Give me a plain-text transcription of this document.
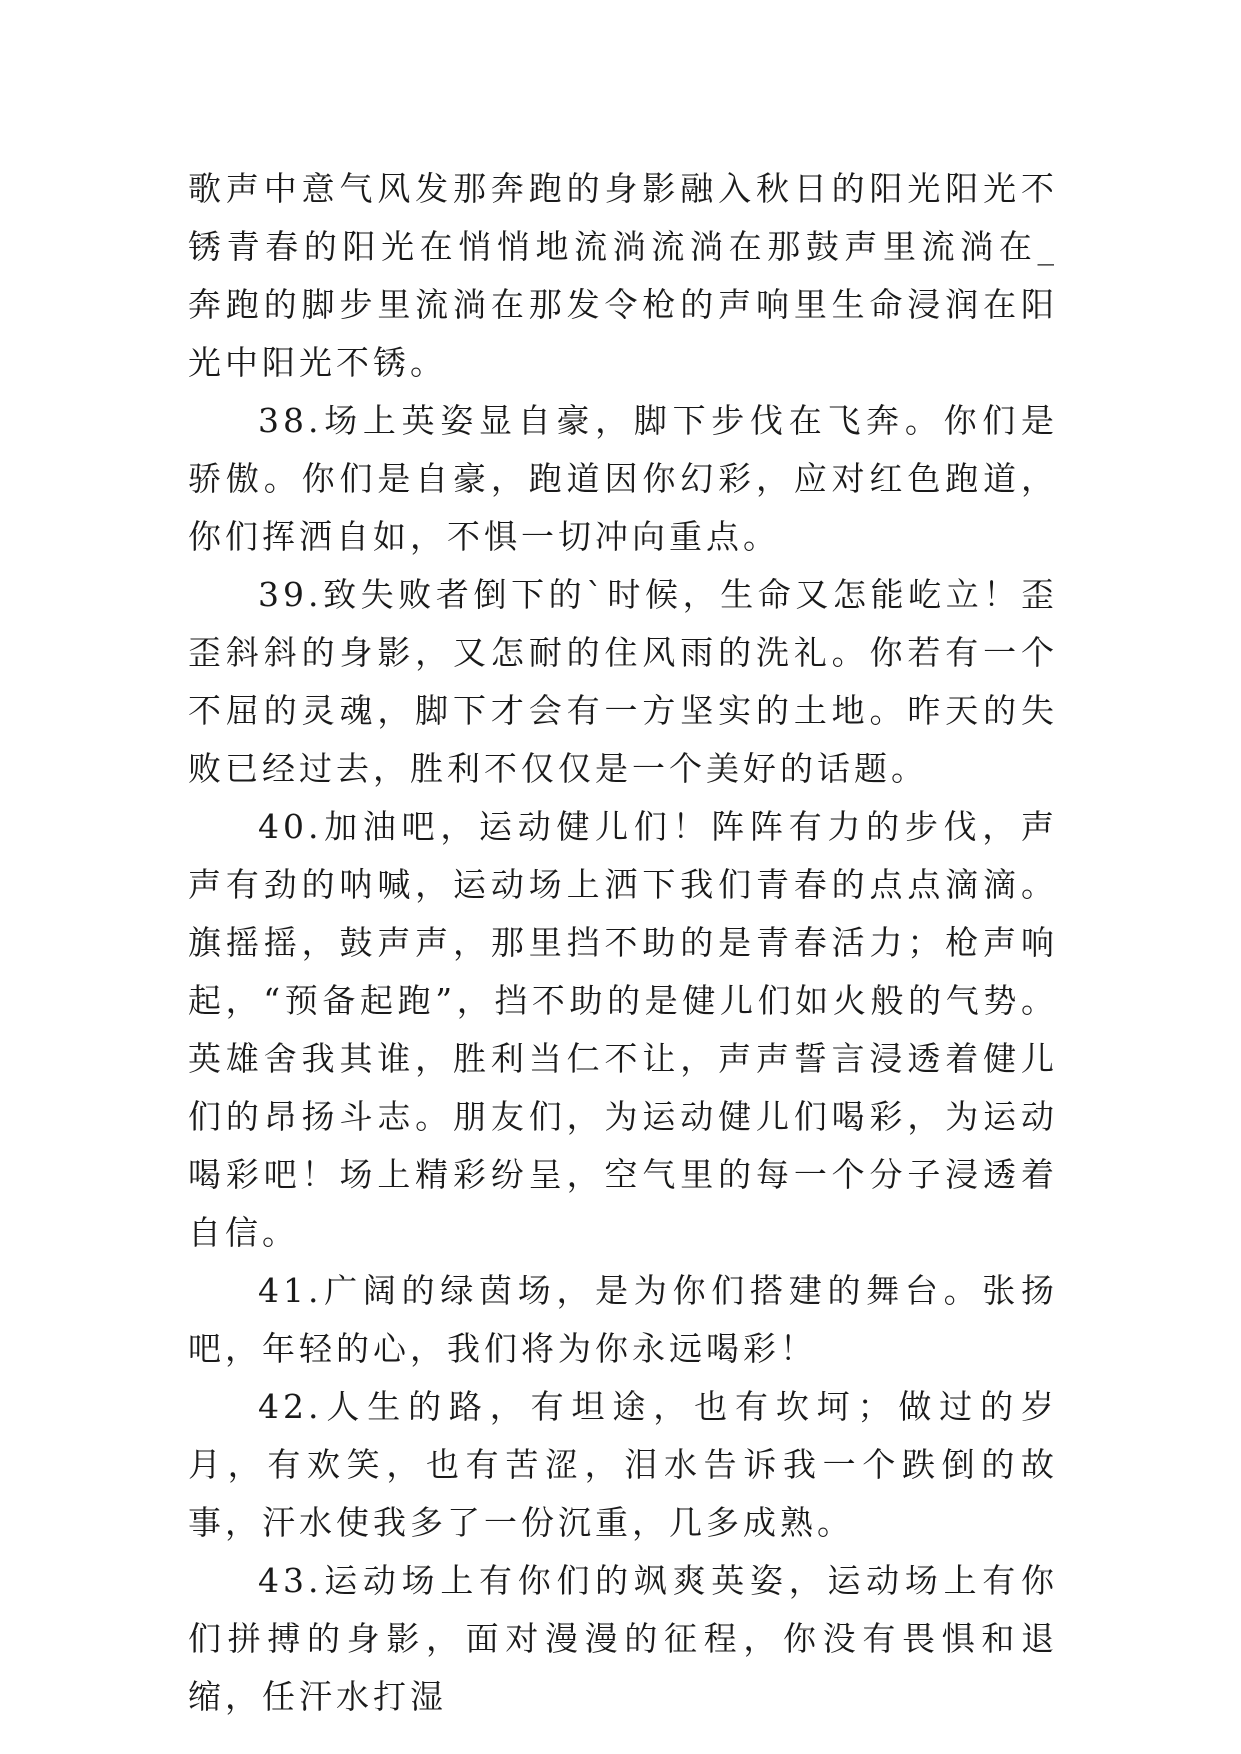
歌声中意气风发那奔跑的身影融入秋日的阳光阳光不锈青春的阳光在悄悄地流淌流淌在那鼓声里流淌在_奔跑的脚步里流淌在那发令枪的声响里生命浸润在阳光中阳光不锈。

38.场上英姿显自豪，脚下步伐在飞奔。你们是骄傲。你们是自豪，跑道因你幻彩，应对红色跑道，你们挥洒自如，不惧一切冲向重点。

39.致失败者倒下的`时候，生命又怎能屹立！歪歪斜斜的身影，又怎耐的住风雨的洗礼。你若有一个不屈的灵魂，脚下才会有一方坚实的土地。昨天的失败已经过去，胜利不仅仅是一个美好的话题。

40.加油吧，运动健儿们！阵阵有力的步伐，声声有劲的呐喊，运动场上洒下我们青春的点点滴滴。旗摇摇，鼓声声，那里挡不助的是青春活力；枪声响起，“预备起跑”，挡不助的是健儿们如火般的气势。英雄舍我其谁，胜利当仁不让，声声誓言浸透着健儿们的昂扬斗志。朋友们，为运动健儿们喝彩，为运动喝彩吧！场上精彩纷呈，空气里的每一个分子浸透着自信。

41.广阔的绿茵场，是为你们搭建的舞台。张扬吧，年轻的心，我们将为你永远喝彩！

42.人生的路，有坦途，也有坎坷；做过的岁月，有欢笑，也有苦涩，泪水告诉我一个跌倒的故事，汗水使我多了一份沉重，几多成熟。

43.运动场上有你们的飒爽英姿，运动场上有你们拼搏的身影，面对漫漫的征程，你没有畏惧和退缩，任汗水打湿
